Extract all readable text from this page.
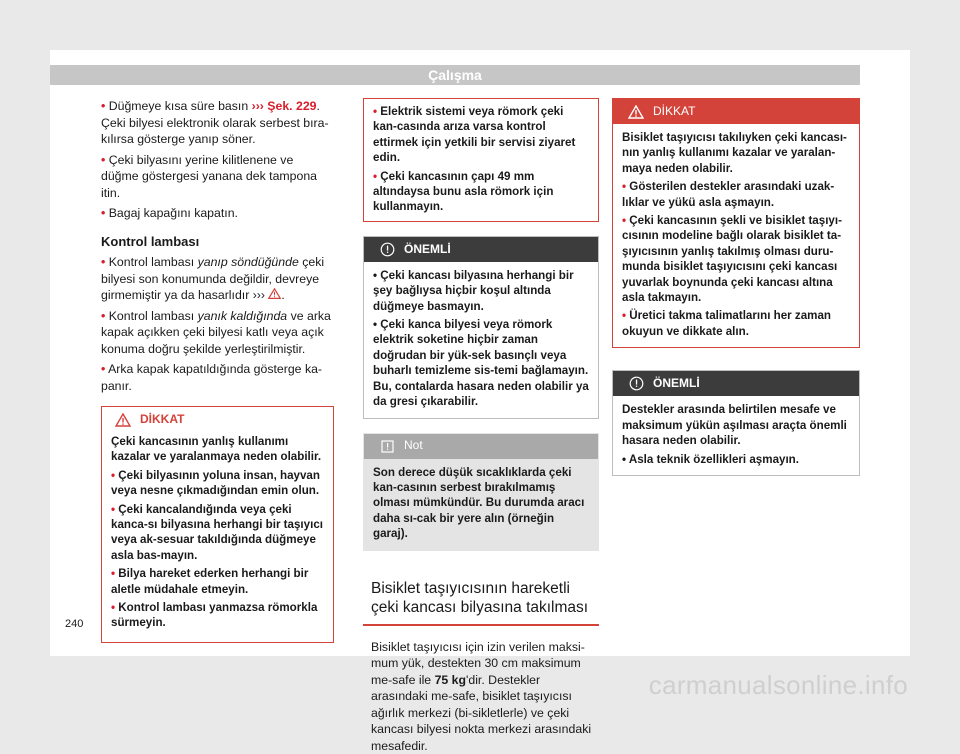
Çalışma

• Düğmeye kısa süre basın ››› Şek. 229. Çeki bilyesi elektronik olarak serbest bıra-kılırsa gösterge yanıp söner.

• Çeki bilyasını yerine kilitlenene ve düğme göstergesi yanana dek tampona itin.

• Bagaj kapağını kapatın.

Kontrol lambası

• Kontrol lambası yanıp söndüğünde çeki bilyesi son konumunda değildir, devreye girmemiştir ya da hasarlıdır ››› .

• Kontrol lambası yanık kaldığında ve arka kapak açıkken çeki bilyesi katlı veya açık konuma doğru şekilde yerleştirilmiştir.

• Arka kapak kapatıldığında gösterge ka-panır.

DİKKAT

Çeki kancasının yanlış kullanımı kazalar ve yaralanmaya neden olabilir.

• Çeki bilyasının yoluna insan, hayvan veya nesne çıkmadığından emin olun.

• Çeki kancalandığında veya çeki kanca-sı bilyasına herhangi bir taşıyıcı veya ak-sesuar takıldığında düğmeye asla bas-mayın.

• Bilya hareket ederken herhangi bir aletle müdahale etmeyin.

• Kontrol lambası yanmazsa römorkla sürmeyin.

• Elektrik sistemi veya römork çeki kan-casında arıza varsa kontrol ettirmek için yetkili bir servisi ziyaret edin.

• Çeki kancasının çapı 49 mm altındaysa bunu asla römork için kullanmayın.

ÖNEMLİ

• Çeki kancası bilyasına herhangi bir şey bağlıysa hiçbir koşul altında düğmeye basmayın.

• Çeki kanca bilyesi veya römork elektrik soketine hiçbir zaman doğrudan bir yük-sek basınçlı veya buharlı temizleme sis-temi bağlamayın. Bu, contalarda hasara neden olabilir ya da gresi çıkarabilir.

Not

Son derece düşük sıcaklıklarda çeki kan-casının serbest bırakılmamış olması mümkündür. Bu durumda aracı daha sı-cak bir yere alın (örneğin garaj).

Bisiklet taşıyıcısının hareketli çeki kancası bilyasına takılması

Bisiklet taşıyıcısı için izin verilen maksi-mum yük, destekten 30 cm maksimum me-safe ile 75 kg'dir. Destekler arasındaki me-safe, bisiklet taşıyıcısı ağırlık merkezi (bi-sikletlerle) ve çeki kancası bilyesi nokta merkezi arasındaki mesafedir.

DİKKAT

Bisiklet taşıyıcısı takılıyken çeki kancası-nın yanlış kullanımı kazalar ve yaralan-maya neden olabilir.

• Gösterilen destekler arasındaki uzak-lıklar ve yükü asla aşmayın.

• Çeki kancasının şekli ve bisiklet taşıyı-cısının modeline bağlı olarak bisiklet ta-şıyıcısının yanlış takılmış olması duru-munda bisiklet taşıyıcısını çeki kancası yuvarlak boynunda çeki kancası altına asla takmayın.

• Üretici takma talimatlarını her zaman okuyun ve dikkate alın.

ÖNEMLİ

Destekler arasında belirtilen mesafe ve maksimum yükün aşılması araçta önemli hasara neden olabilir.

• Asla teknik özellikleri aşmayın.

240
carmanualsonline.info
